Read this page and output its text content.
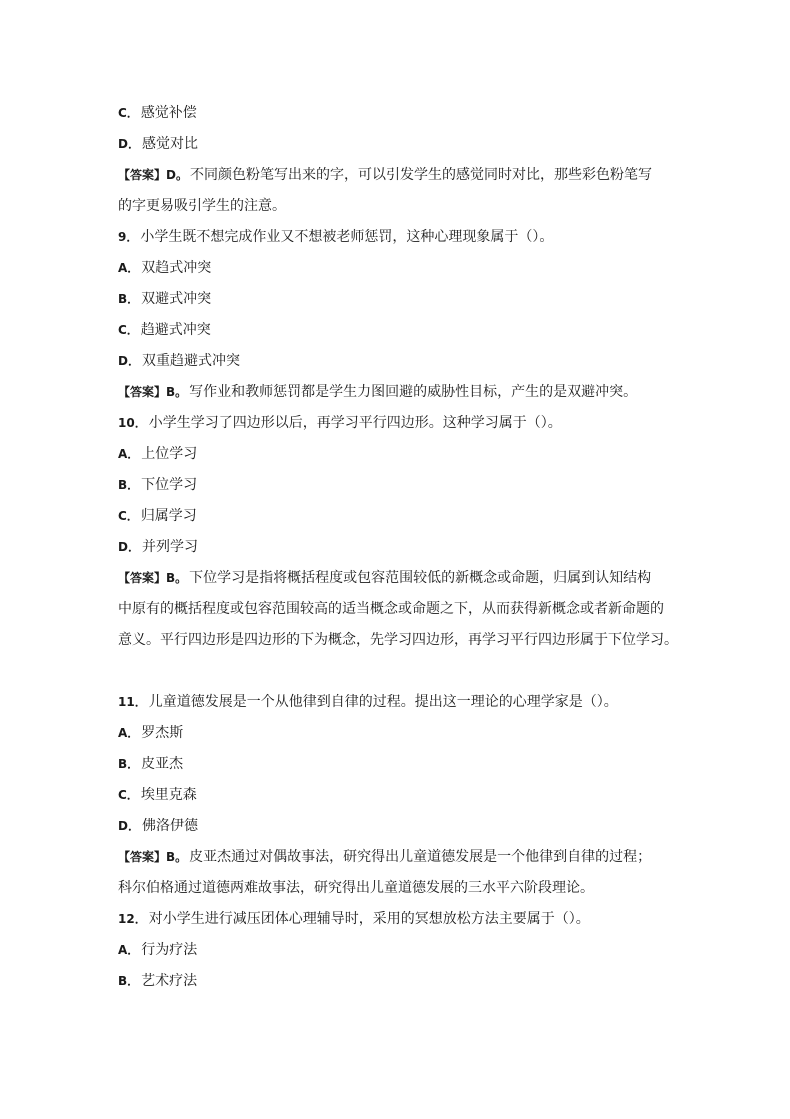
C． 感觉补偿
D． 感觉对比
【答案】D。 不同颜色粉笔写出来的字，可以引发学生的感觉同时对比，那些彩色粉笔写
的字更易吸引学生的注意。
9． 小学生既不想完成作业又不想被老师惩罚，这种心理现象属于（）。
A． 双趋式冲突
B． 双避式冲突
C． 趋避式冲突
D． 双重趋避式冲突
【答案】B。 写作业和教师惩罚都是学生力图回避的威胁性目标，产生的是双避冲突。
10． 小学生学习了四边形以后，再学习平行四边形。这种学习属于（）。
A． 上位学习
B． 下位学习
C． 归属学习
D． 并列学习
【答案】B。 下位学习是指将概括程度或包容范围较低的新概念或命题，归属到认知结构
中原有的概括程度或包容范围较高的适当概念或命题之下，从而获得新概念或者新命题的
意义。平行四边形是四边形的下为概念，先学习四边形，再学习平行四边形属于下位学习。
11． 儿童道德发展是一个从他律到自律的过程。提出这一理论的心理学家是（）。
A． 罗杰斯
B． 皮亚杰
C． 埃里克森
D． 佛洛伊德
【答案】B。 皮亚杰通过对偶故事法，研究得出儿童道德发展是一个他律到自律的过程；
科尔伯格通过道德两难故事法，研究得出儿童道德发展的三水平六阶段理论。
12． 对小学生进行减压团体心理辅导时，采用的冥想放松方法主要属于（）。
A． 行为疗法
B． 艺术疗法
